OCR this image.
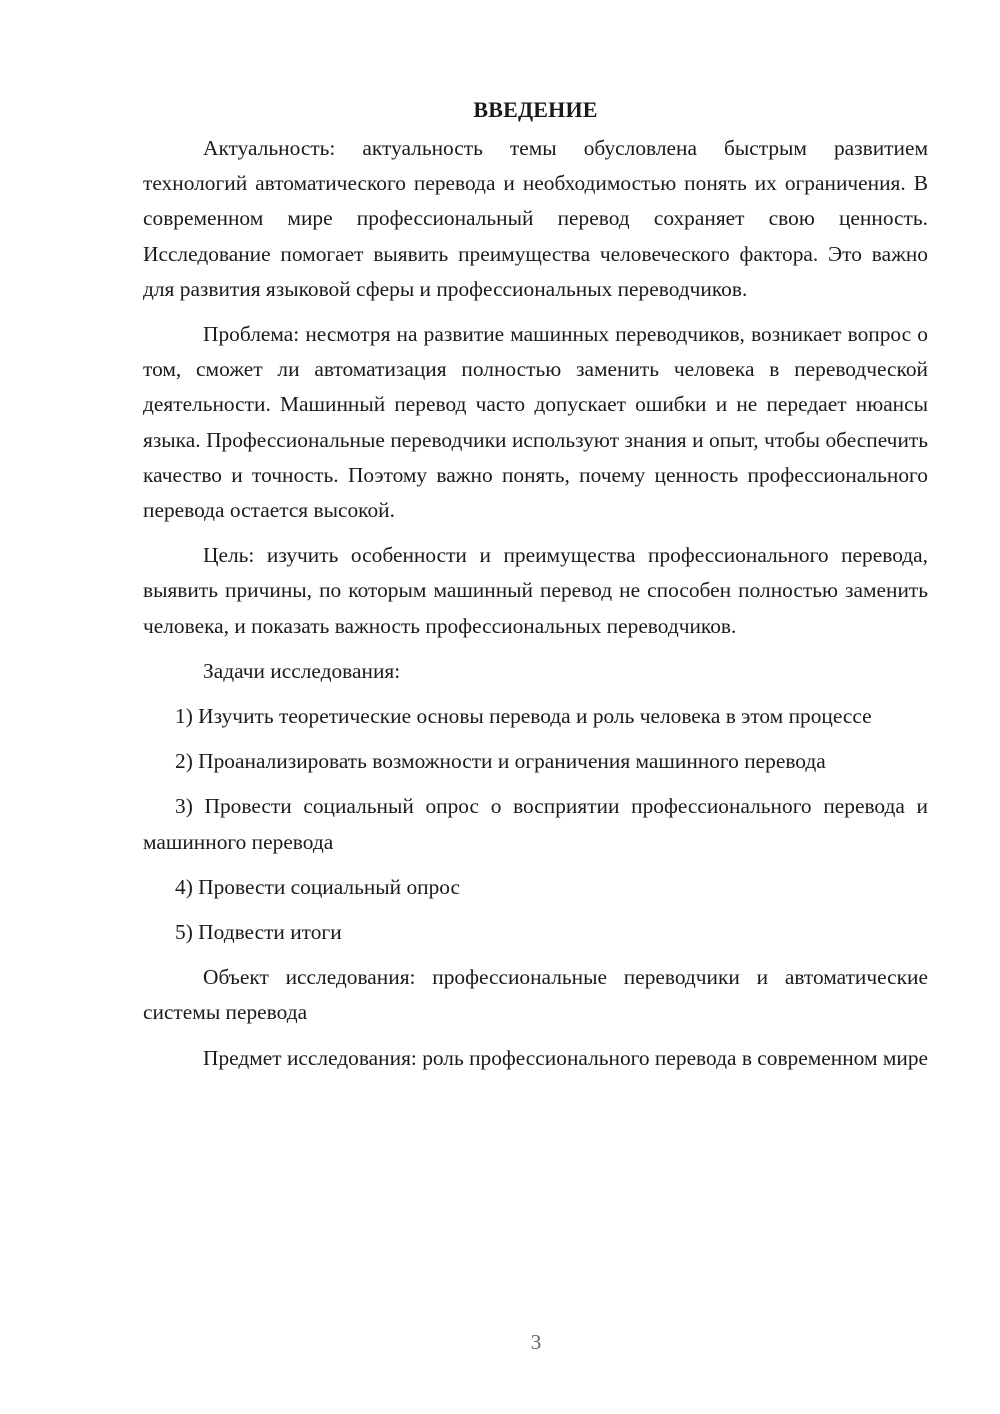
ВВЕДЕНИЕ

Актуальность: актуальность темы обусловлена быстрым развитием технологий автоматического перевода и необходимостью понять их ограничения. В современном мире профессиональный перевод сохраняет свою ценность. Исследование помогает выявить преимущества человеческого фактора. Это важно для развития языковой сферы и профессиональных переводчиков.

Проблема: несмотря на развитие машинных переводчиков, возникает вопрос о том, сможет ли автоматизация полностью заменить человека в переводческой деятельности. Машинный перевод часто допускает ошибки и не передает нюансы языка. Профессиональные переводчики используют знания и опыт, чтобы обеспечить качество и точность. Поэтому важно понять, почему ценность профессионального перевода остается высокой.

Цель: изучить особенности и преимущества профессионального перевода, выявить причины, по которым машинный перевод не способен полностью заменить человека, и показать важность профессиональных переводчиков.

Задачи исследования:

1) Изучить теоретические основы перевода и роль человека в этом процессе

2) Проанализировать возможности и ограничения машинного перевода

3) Провести социальный опрос о восприятии профессионального перевода и машинного перевода

4) Провести социальный опрос

5) Подвести итоги

Объект исследования: профессиональные переводчики и автоматические системы перевода

Предмет исследования: роль профессионального перевода в современном мире

3
